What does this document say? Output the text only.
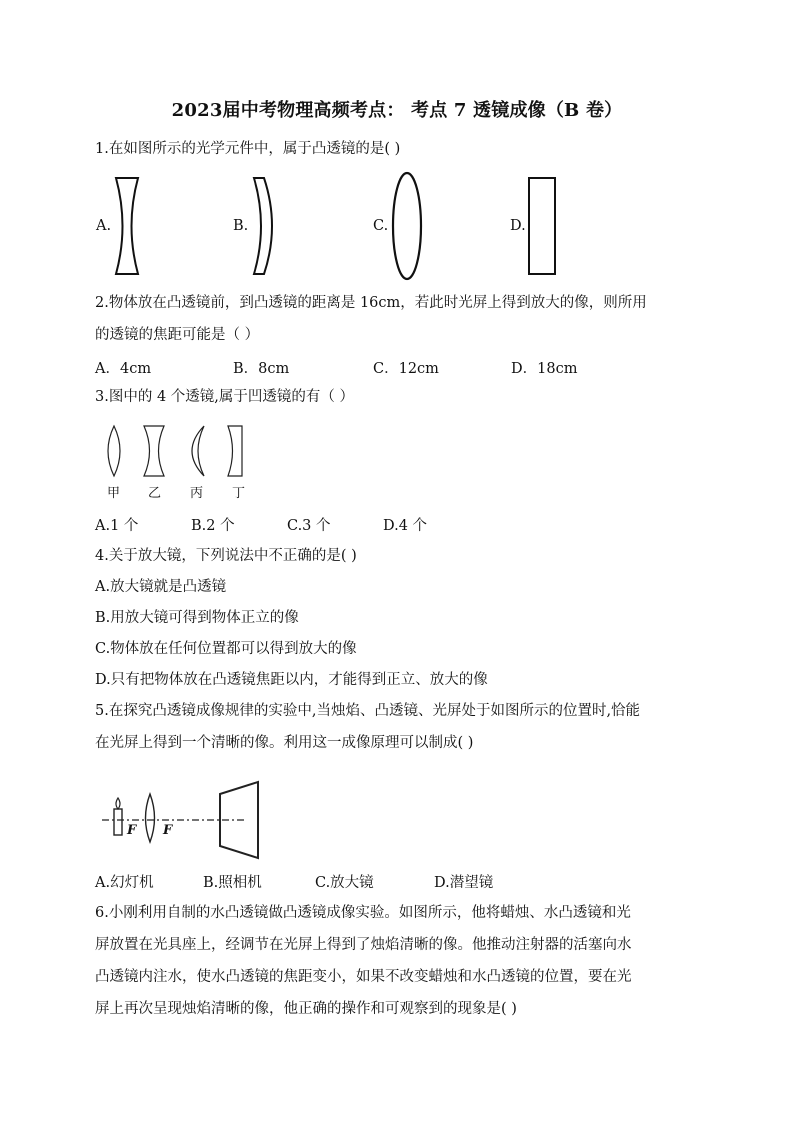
2023届中考物理高频考点： 考点 7 透镜成像（B 卷）
1.在如图所示的光学元件中，属于凸透镜的是( )
A.	B.	C.	D.
2.物体放在凸透镜前，到凸透镜的距离是 16cm，若此时光屏上得到放大的像，则所用
的透镜的焦距可能是（ ）
A．4cm	B．8cm	C．12cm	D．18cm
3.图中的 4 个透镜,属于凹透镜的有（ ）
甲 乙 丙 丁
A.1 个	B.2 个	C.3 个	D.4 个
4.关于放大镜，下列说法中不正确的是( )
A.放大镜就是凸透镜
B.用放大镜可得到物体正立的像
C.物体放在任何位置都可以得到放大的像
D.只有把物体放在凸透镜焦距以内，才能得到正立、放大的像
5.在探究凸透镜成像规律的实验中,当烛焰、凸透镜、光屏处于如图所示的位置时,恰能
在光屏上得到一个清晰的像。利用这一成像原理可以制成( )
F F
A.幻灯机	B.照相机	C.放大镜	D.潜望镜
6.小刚利用自制的水凸透镜做凸透镜成像实验。如图所示，他将蜡烛、水凸透镜和光
屏放置在光具座上，经调节在光屏上得到了烛焰清晰的像。他推动注射器的活塞向水
凸透镜内注水，使水凸透镜的焦距变小，如果不改变蜡烛和水凸透镜的位置，要在光
屏上再次呈现烛焰清晰的像，他正确的操作和可观察到的现象是( )
